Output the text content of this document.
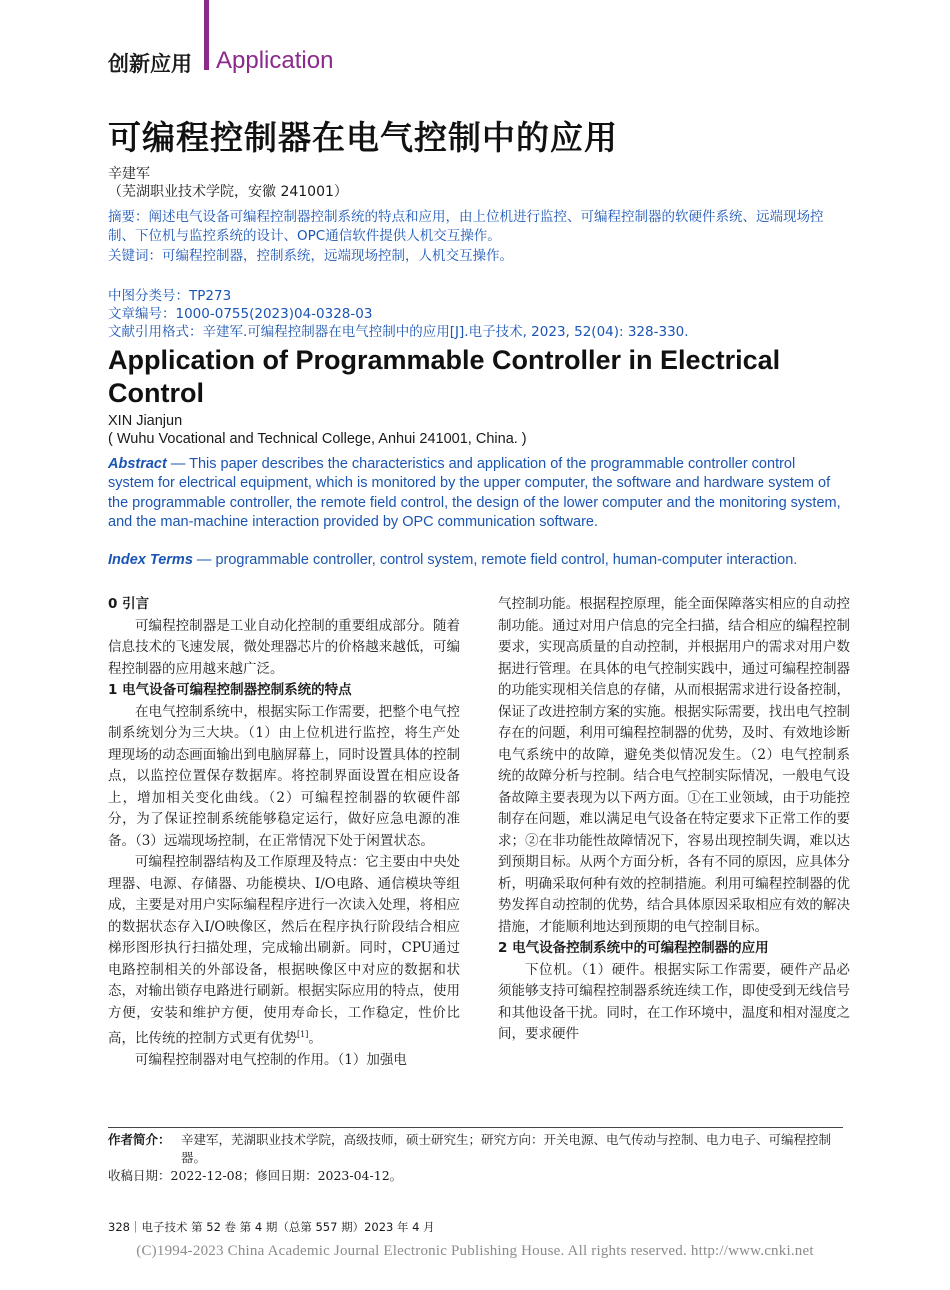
创新应用 Application
可编程控制器在电气控制中的应用
辛建军
（芜湖职业技术学院，安徽 241001）
摘要：阐述电气设备可编程控制器控制系统的特点和应用，由上位机进行监控、可编程控制器的软硬件系统、远端现场控制、下位机与监控系统的设计、OPC通信软件提供人机交互操作。
关键词：可编程控制器，控制系统，远端现场控制，人机交互操作。
中图分类号：TP273
文章编号：1000-0755(2023)04-0328-03
文献引用格式：辛建军.可编程控制器在电气控制中的应用[J].电子技术, 2023, 52(04): 328-330.
Application of Programmable Controller in Electrical Control
XIN Jianjun
( Wuhu Vocational and Technical College, Anhui 241001, China. )
Abstract — This paper describes the characteristics and application of the programmable controller control system for electrical equipment, which is monitored by the upper computer, the software and hardware system of the programmable controller, the remote field control, the design of the lower computer and the monitoring system, and the man-machine interaction provided by OPC communication software.
Index Terms — programmable controller, control system, remote field control, human-computer interaction.
0 引言
可编程控制器是工业自动化控制的重要组成部分。随着信息技术的飞速发展，微处理器芯片的价格越来越低，可编程控制器的应用越来越广泛。
1 电气设备可编程控制器控制系统的特点
在电气控制系统中，根据实际工作需要，把整个电气控制系统划分为三大块。（1）由上位机进行监控，将生产处理现场的动态画面输出到电脑屏幕上，同时设置具体的控制点，以监控位置保存数据库。将控制界面设置在相应设备上，增加相关变化曲线。（2）可编程控制器的软硬件部分，为了保证控制系统能够稳定运行，做好应急电源的准备。（3）远端现场控制，在正常情况下处于闲置状态。
可编程控制器结构及工作原理及特点：它主要由中央处理器、电源、存储器、功能模块、I/O电路、通信模块等组成，主要是对用户实际编程程序进行一次读入处理，将相应的数据状态存入I/O映像区，然后在程序执行阶段结合相应梯形图形执行扫描处理，完成输出刷新。同时，CPU通过电路控制相关的外部设备，根据映像区中对应的数据和状态，对输出锁存电路进行刷新。根据实际应用的特点，使用方便，安装和维护方便，使用寿命长，工作稳定，性价比高，比传统的控制方式更有优势[1]。
可编程控制器对电气控制的作用。（1）加强电
气控制功能。根据程控原理，能全面保障落实相应的自动控制功能。通过对用户信息的完全扫描，结合相应的编程控制要求，实现高质量的自动控制，并根据用户的需求对用户数据进行管理。在具体的电气控制实践中，通过可编程控制器的功能实现相关信息的存储，从而根据需求进行设备控制，保证了改进控制方案的实施。根据实际需要，找出电气控制存在的问题，利用可编程控制器的优势，及时、有效地诊断电气系统中的故障，避免类似情况发生。（2）电气控制系统的故障分析与控制。结合电气控制实际情况，一般电气设备故障主要表现为以下两方面。①在工业领域，由于功能控制存在问题，难以满足电气设备在特定要求下正常工作的要求；②在非功能性故障情况下，容易出现控制失调，难以达到预期目标。从两个方面分析，各有不同的原因，应具体分析，明确采取何种有效的控制措施。利用可编程控制器的优势发挥自动控制的优势，结合具体原因采取相应有效的解决措施，才能顺利地达到预期的电气控制目标。
2 电气设备控制系统中的可编程控制器的应用
下位机。（1）硬件。根据实际工作需要，硬件产品必须能够支持可编程控制器系统连续工作，即使受到无线信号和其他设备干扰。同时，在工作环境中，温度和相对湿度之间，要求硬件
作者简介： 辛建军，芜湖职业技术学院，高级技师，硕士研究生；研究方向：开关电源、电气传动与控制、电力电子、可编程控制器。
收稿日期：2022-12-08；修回日期：2023-04-12。
328｜电子技术 第 52 卷 第 4 期（总第 557 期）2023 年 4 月
(C)1994-2023 China Academic Journal Electronic Publishing House. All rights reserved. http://www.cnki.net
